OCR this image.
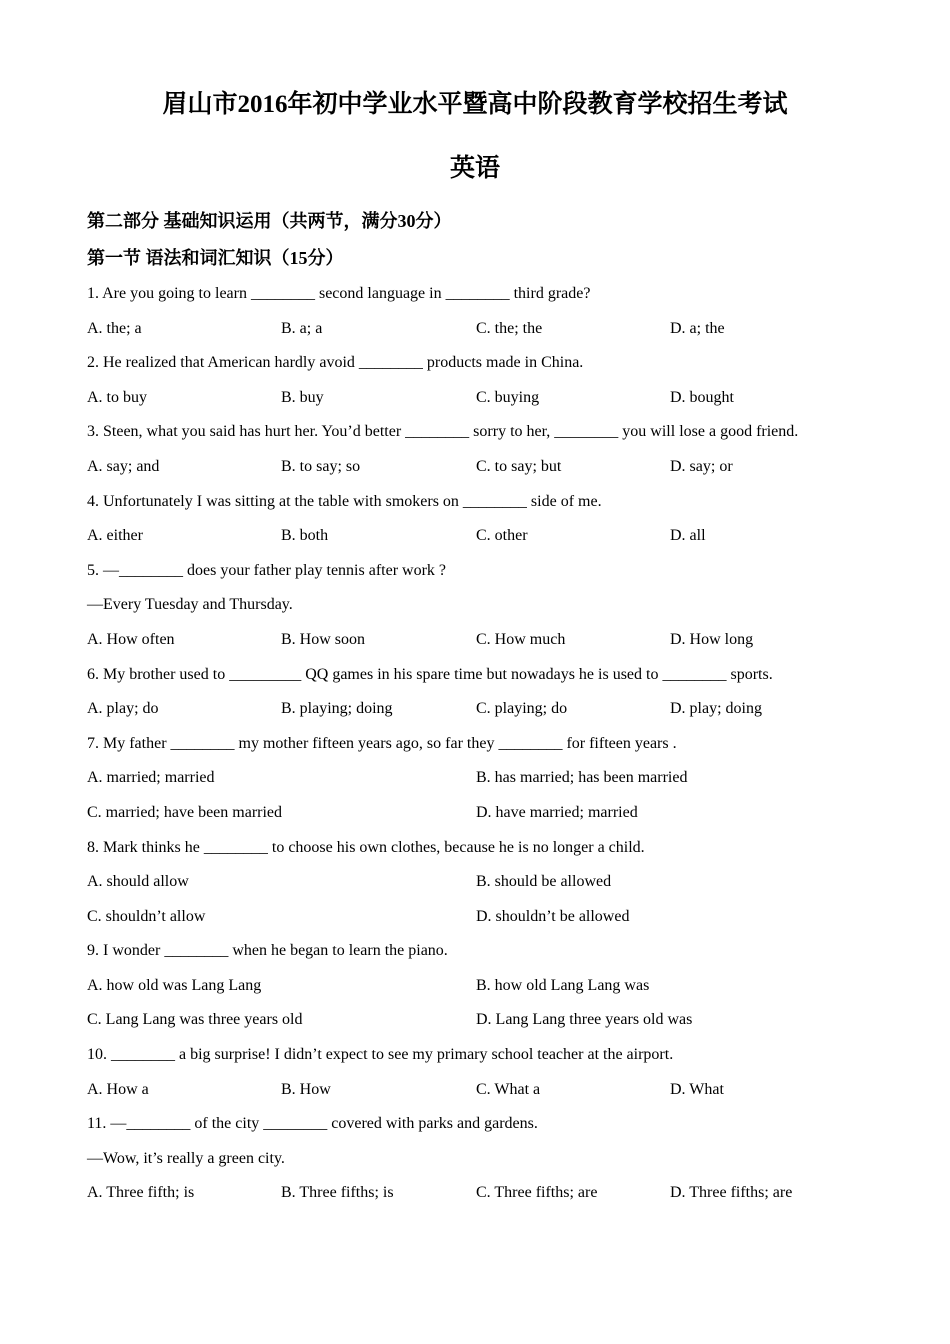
眉山市2016年初中学业水平暨高中阶段教育学校招生考试
英语
第二部分 基础知识运用（共两节，满分30分）
第一节 语法和词汇知识（15分）
1. Are you going to learn ________ second language in ________ third grade?
A. the; a	B. a; a	C. the; the	D. a; the
2. He realized that American hardly avoid ________ products made in China.
A. to buy	B. buy	C. buying	D. bought
3. Steen, what you said has hurt her. You’d better ________ sorry to her, ________ you will lose a good friend.
A. say; and	B. to say; so	C. to say; but	D. say; or
4. Unfortunately I was sitting at the table with smokers on ________ side of me.
A. either	B. both	C. other	D. all
5. —________ does your father play tennis after work ?
—Every Tuesday and Thursday.
A. How often	B. How soon	C. How much	D. How long
6. My brother used to _________ QQ games in his spare time but nowadays he is used to ________ sports.
A. play; do	B. playing; doing	C. playing; do	D. play; doing
7. My father ________ my mother fifteen years ago, so far they ________ for fifteen years .
A. married; married	B. has married; has been married
C. married; have been married	D. have married; married
8. Mark thinks he ________ to choose his own clothes, because he is no longer a child.
A. should allow	B. should be allowed
C. shouldn’t allow	D. shouldn’t be allowed
9. I wonder ________ when he began to learn the piano.
A. how old was Lang Lang	B. how old Lang Lang was
C. Lang Lang was three years old	D. Lang Lang three years old was
10. ________ a big surprise! I didn’t expect to see my primary school teacher at the airport.
A. How a	B. How	C. What a	D. What
11. —________ of the city ________ covered with parks and gardens.
—Wow, it’s really a green city.
A. Three fifth; is	B. Three fifths; is	C. Three fifths; are	D. Three fifths; are
